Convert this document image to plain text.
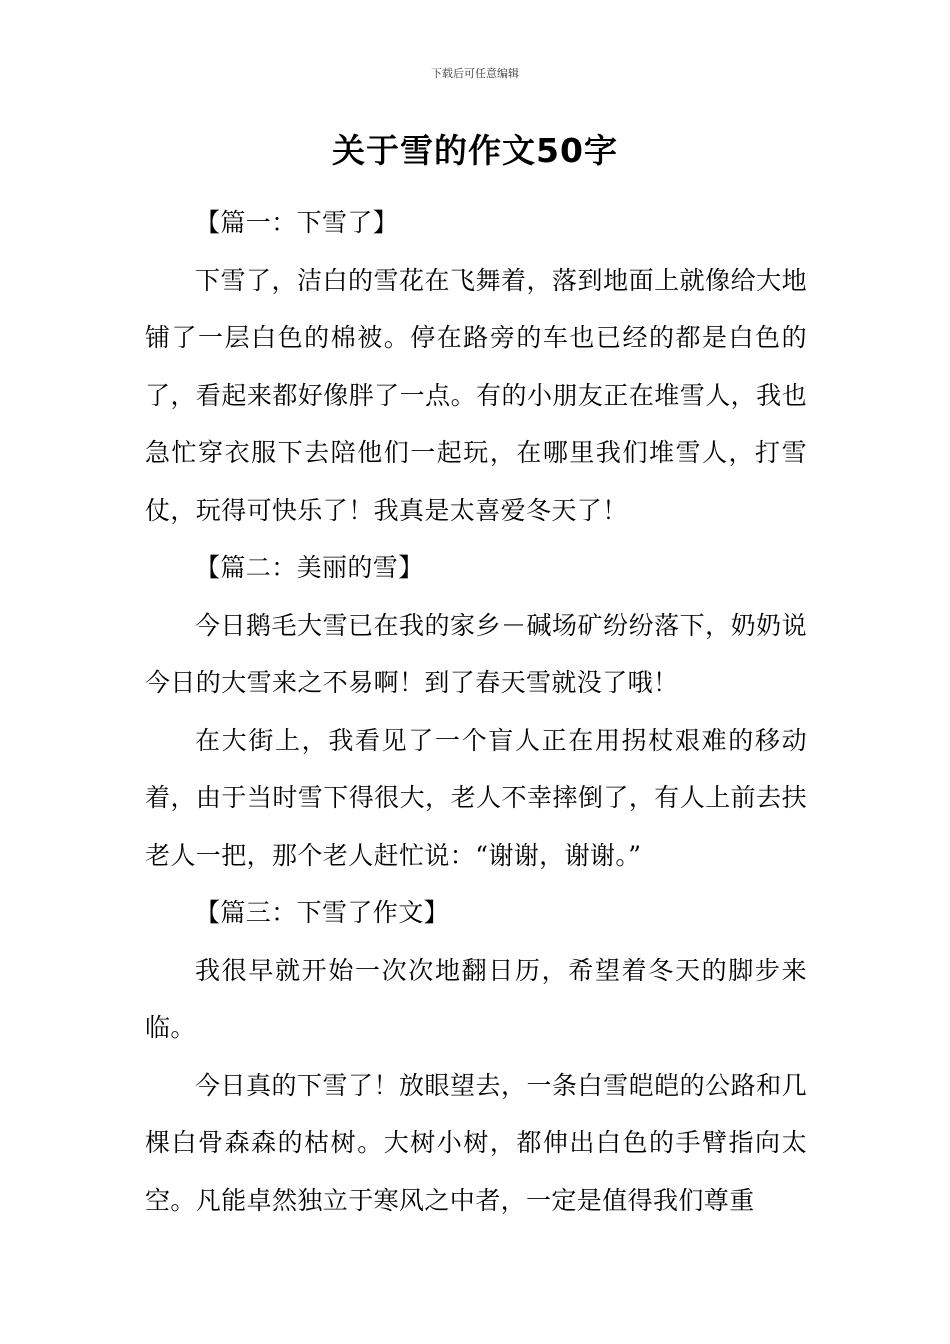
下载后可任意编辑
关于雪的作文50字

【篇一：下雪了】

下雪了，洁白的雪花在飞舞着，落到地面上就像给大地铺了一层白色的棉被。停在路旁的车也已经的都是白色的了，看起来都好像胖了一点。有的小朋友正在堆雪人，我也急忙穿衣服下去陪他们一起玩，在哪里我们堆雪人，打雪仗，玩得可快乐了！我真是太喜爱冬天了！

【篇二：美丽的雪】

今日鹅毛大雪已在我的家乡－碱场矿纷纷落下，奶奶说今日的大雪来之不易啊！到了春天雪就没了哦！

在大街上，我看见了一个盲人正在用拐杖艰难的移动着，由于当时雪下得很大，老人不幸摔倒了，有人上前去扶老人一把，那个老人赶忙说：“谢谢，谢谢。”

【篇三：下雪了作文】

我很早就开始一次次地翻日历，希望着冬天的脚步来临。

今日真的下雪了！放眼望去，一条白雪皑皑的公路和几棵白骨森森的枯树。大树小树，都伸出白色的手臂指向太空。凡能卓然独立于寒风之中者，一定是值得我们尊重
